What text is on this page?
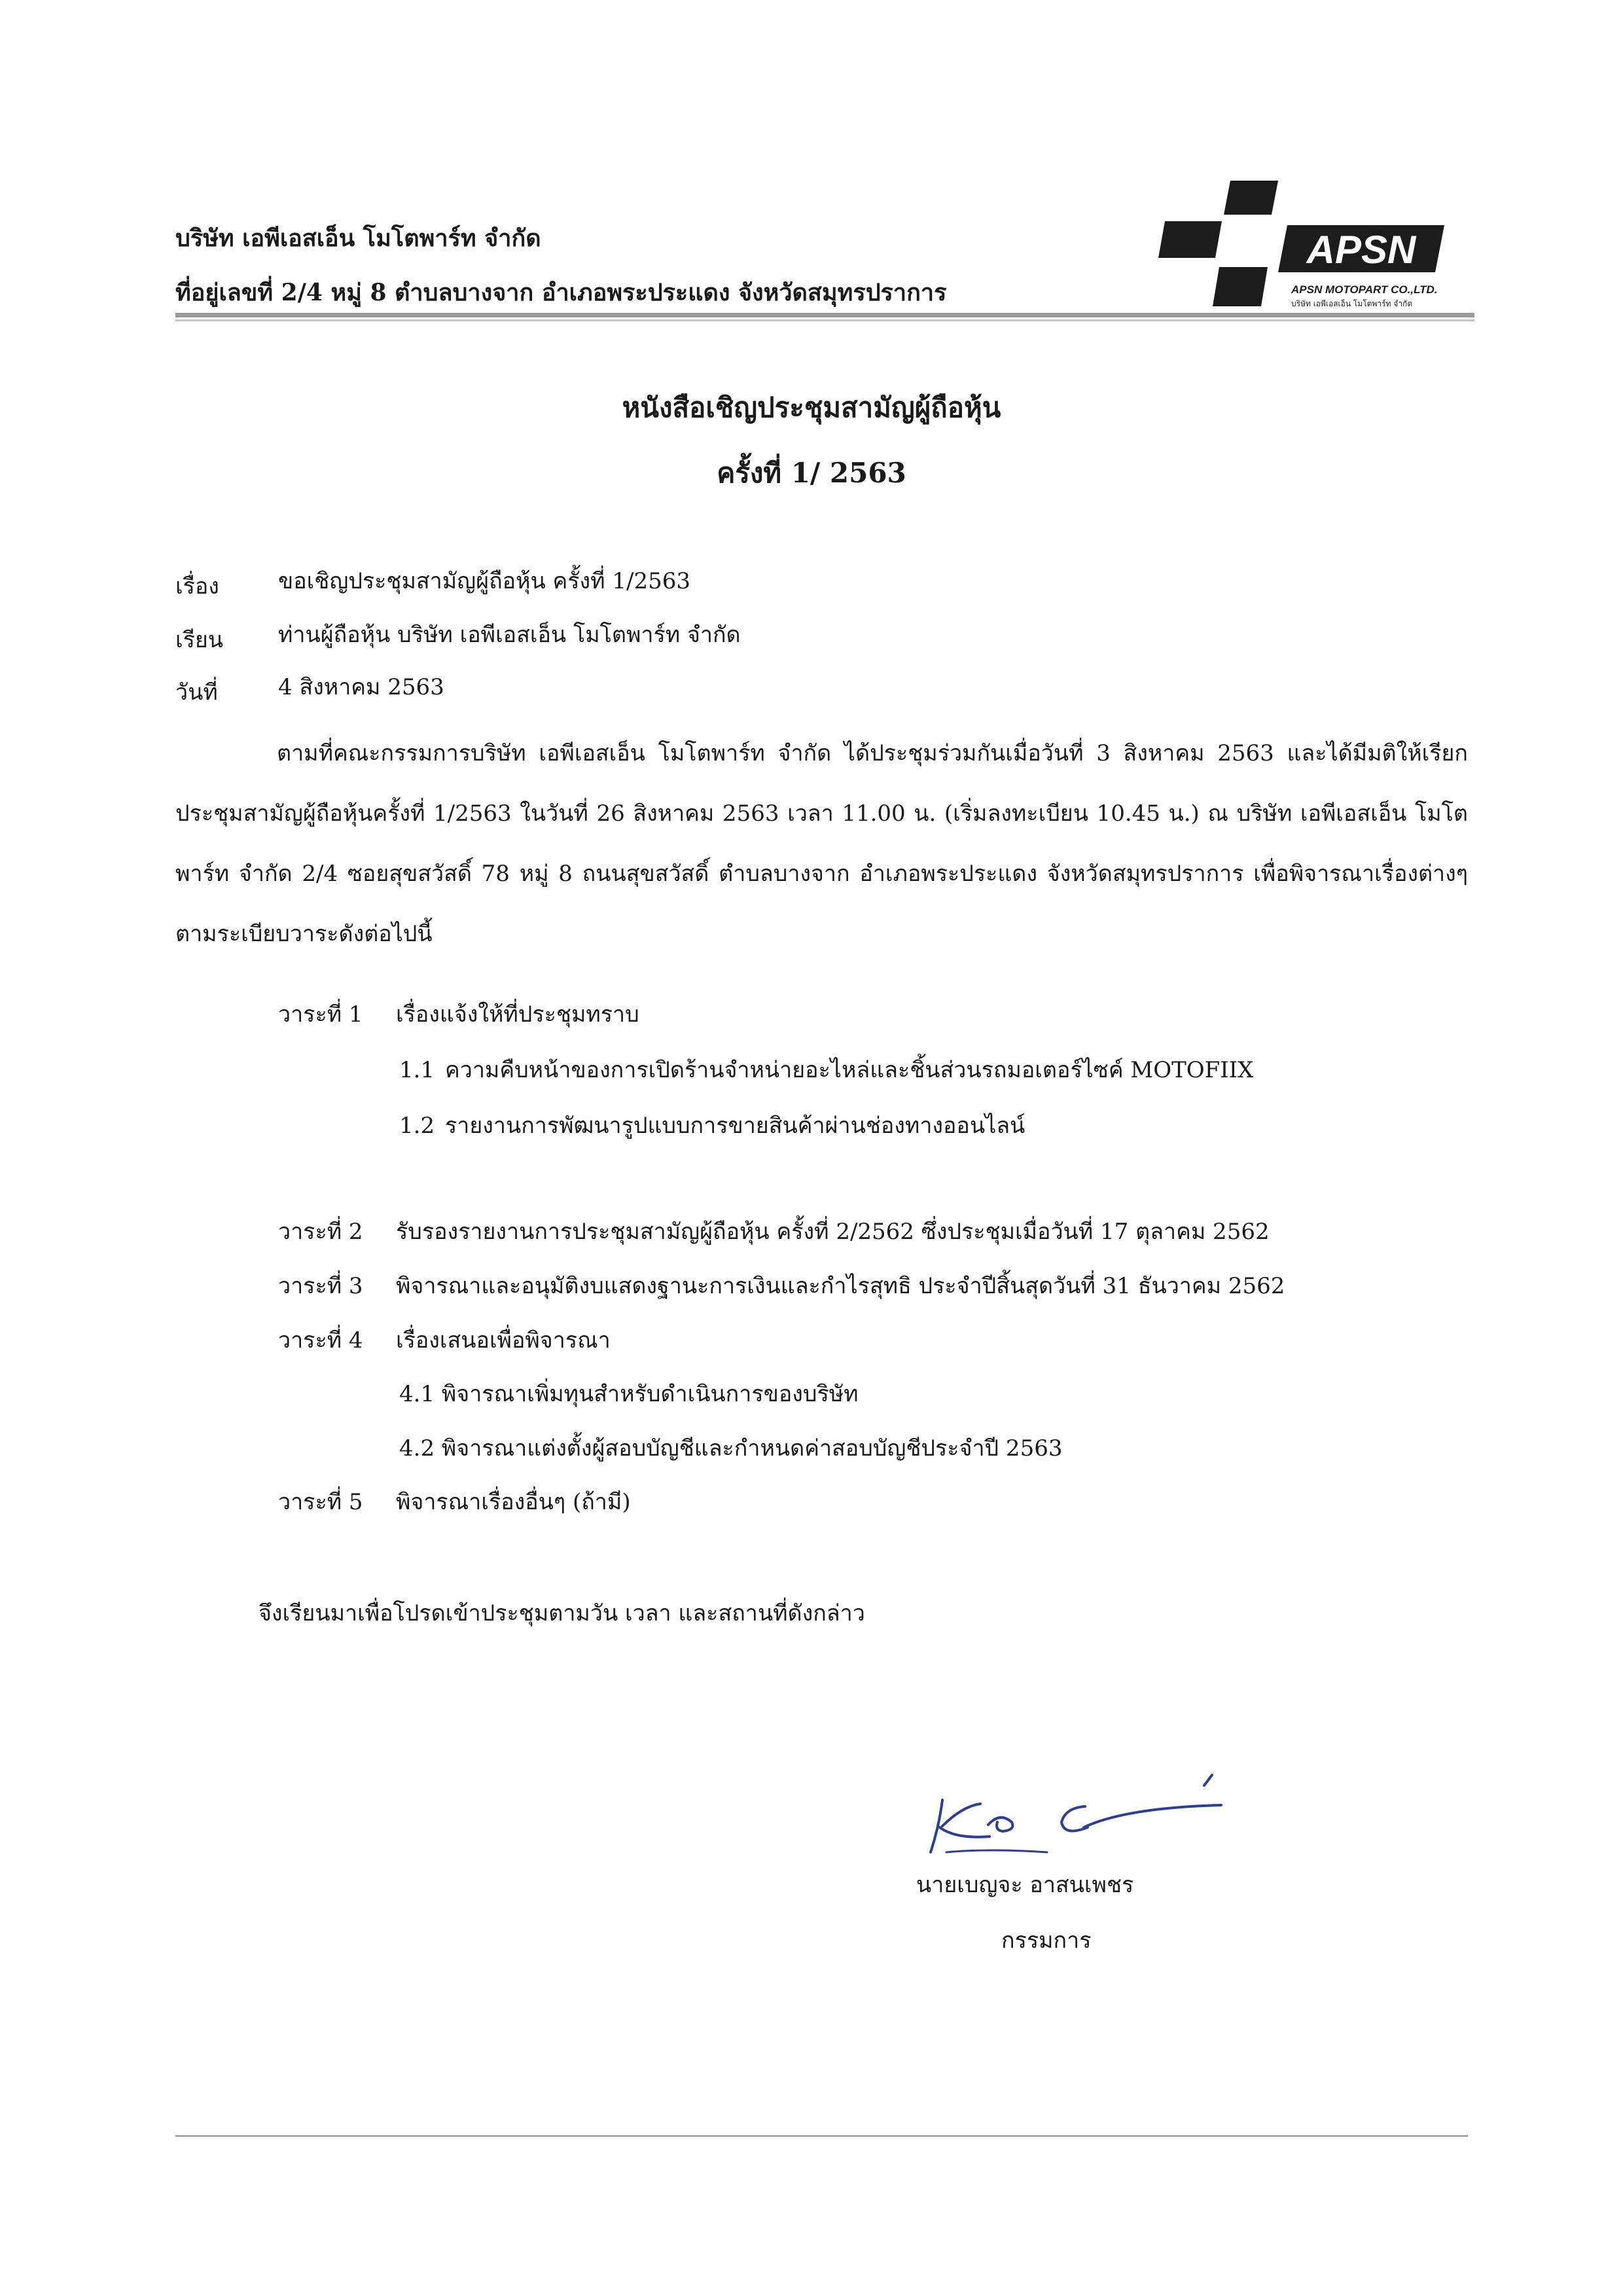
บริษัท เอพีเอสเอ็น โมโตพาร์ท จำกัด
ที่อยู่เลขที่ 2/4 หมู่ 8 ตำบลบางจาก อำเภอพระประแดง จังหวัดสมุทรปราการ
APSN
APSN MOTOPART CO.,LTD.
บริษัท เอพีเอสเอ็น โมโตพาร์ท จำกัด
หนังสือเชิญประชุมสามัญผู้ถือหุ้น
ครั้งที่ 1/ 2563
เรื่อง	ขอเชิญประชุมสามัญผู้ถือหุ้น ครั้งที่ 1/2563
เรียน ท่านผู้ถือหุ้น บริษัท เอพีเอสเอ็น โมโตพาร์ท จำกัด
วันที่	4 สิงหาคม 2563
ตามที่คณะกรรมการบริษัท เอพีเอสเอ็น โมโตพาร์ท จำกัด ได้ประชุมร่วมกันเมื่อวันที่ 3 สิงหาคม 2563 และได้มีมติให้เรียกประชุมสามัญผู้ถือหุ้นครั้งที่ 1/2563 ในวันที่ 26 สิงหาคม 2563 เวลา 11.00 น. (เริ่มลงทะเบียน 10.45 น.) ณ บริษัท เอพีเอสเอ็น โมโตพาร์ท จำกัด 2/4 ซอยสุขสวัสดิ์ 78 หมู่ 8 ถนนสุขสวัสดิ์ ตำบลบางจาก อำเภอพระประแดง จังหวัดสมุทรปราการ เพื่อพิจารณาเรื่องต่างๆ ตามระเบียบวาระดังต่อไปนี้
วาระที่ 1 เรื่องแจ้งให้ที่ประชุมทราบ
1.1 ความคืบหน้าของการเปิดร้านจำหน่ายอะไหล่และชิ้นส่วนรถมอเตอร์ไซค์ MOTOFIIX
1.2 รายงานการพัฒนารูปแบบการขายสินค้าผ่านช่องทางออนไลน์
วาระที่ 2 รับรองรายงานการประชุมสามัญผู้ถือหุ้น ครั้งที่ 2/2562 ซึ่งประชุมเมื่อวันที่ 17 ตุลาคม 2562
วาระที่ 3 พิจารณาและอนุมัติงบแสดงฐานะการเงินและกำไรสุทธิ ประจำปีสิ้นสุดวันที่ 31 ธันวาคม 2562
วาระที่ 4 เรื่องเสนอเพื่อพิจารณา
4.1 พิจารณาเพิ่มทุนสำหรับดำเนินการของบริษัท
4.2 พิจารณาแต่งตั้งผู้สอบบัญชีและกำหนดค่าสอบบัญชีประจำปี 2563
วาระที่ 5 พิจารณาเรื่องอื่นๆ (ถ้ามี)
จึงเรียนมาเพื่อโปรดเข้าประชุมตามวัน เวลา และสถานที่ดังกล่าว
นายเบญจะ อาสนเพชร
กรรมการ
